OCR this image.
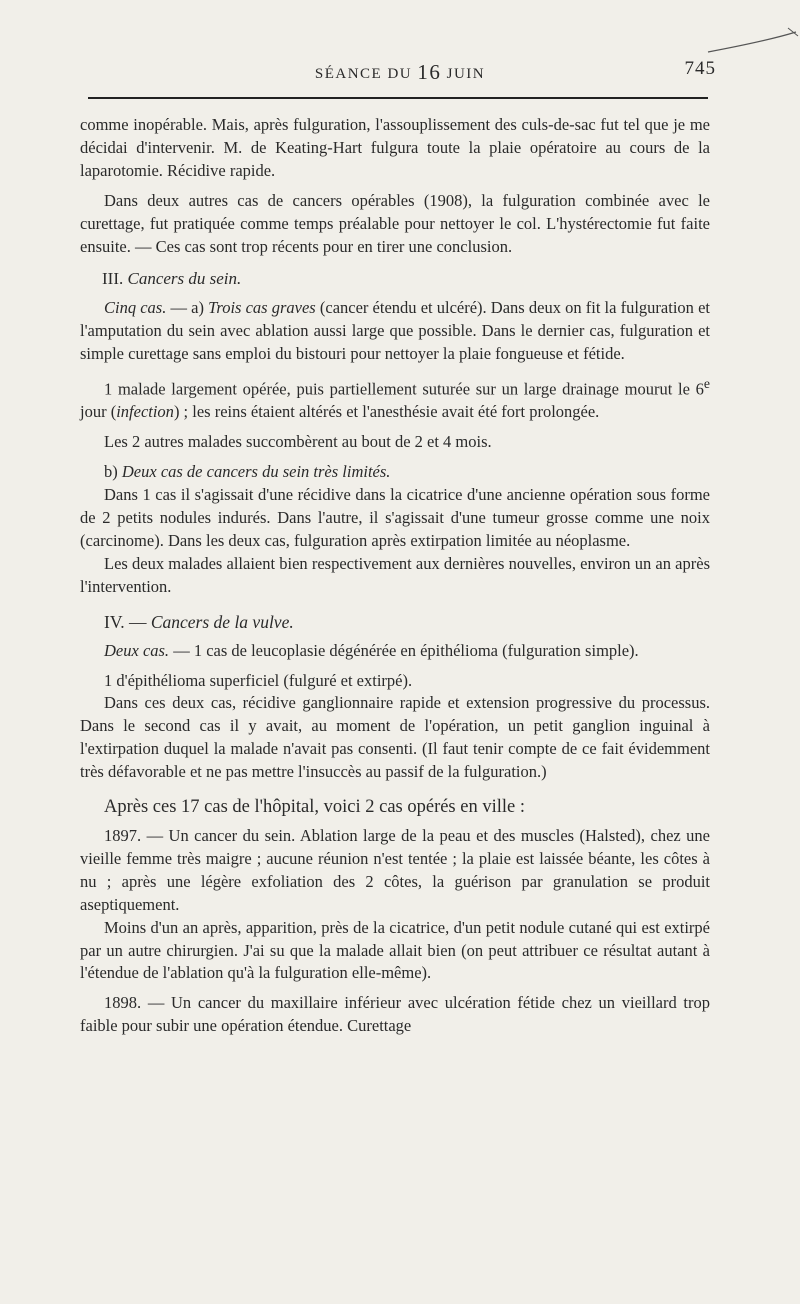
SÉANCE DU 16 JUIN	745

comme inopérable. Mais, après fulguration, l'assouplissement des culs-de-sac fut tel que je me décidai d'intervenir. M. de Keating-Hart fulgura toute la plaie opératoire au cours de la laparotomie. Récidive rapide.

Dans deux autres cas de cancers opérables (1908), la fulguration combinée avec le curettage, fut pratiquée comme temps préalable pour nettoyer le col. L'hystérectomie fut faite ensuite. — Ces cas sont trop récents pour en tirer une conclusion.

III. Cancers du sein.

Cinq cas. — a) Trois cas graves (cancer étendu et ulcéré). Dans deux on fit la fulguration et l'amputation du sein avec ablation aussi large que possible. Dans le dernier cas, fulguration et simple curettage sans emploi du bistouri pour nettoyer la plaie fongueuse et fétide.

1 malade largement opérée, puis partiellement suturée sur un large drainage mourut le 6e jour (infection) ; les reins étaient altérés et l'anesthésie avait été fort prolongée.

Les 2 autres malades succombèrent au bout de 2 et 4 mois.

b) Deux cas de cancers du sein très limités.

Dans 1 cas il s'agissait d'une récidive dans la cicatrice d'une ancienne opération sous forme de 2 petits nodules indurés. Dans l'autre, il s'agissait d'une tumeur grosse comme une noix (carcinome). Dans les deux cas, fulguration après extirpation limitée au néoplasme.

Les deux malades allaient bien respectivement aux dernières nouvelles, environ un an après l'intervention.

IV. — Cancers de la vulve.

Deux cas. — 1 cas de leucoplasie dégénérée en épithélioma (fulguration simple).

1 d'épithélioma superficiel (fulguré et extirpé).

Dans ces deux cas, récidive ganglionnaire rapide et extension progressive du processus. Dans le second cas il y avait, au moment de l'opération, un petit ganglion inguinal à l'extirpation duquel la malade n'avait pas consenti. (Il faut tenir compte de ce fait évidemment très défavorable et ne pas mettre l'insuccès au passif de la fulguration.)

Après ces 17 cas de l'hôpital, voici 2 cas opérés en ville :

1897. — Un cancer du sein. Ablation large de la peau et des muscles (Halsted), chez une vieille femme très maigre ; aucune réunion n'est tentée ; la plaie est laissée béante, les côtes à nu ; après une légère exfoliation des 2 côtes, la guérison par granulation se produit aseptiquement.

Moins d'un an après, apparition, près de la cicatrice, d'un petit nodule cutané qui est extirpé par un autre chirurgien. J'ai su que la malade allait bien (on peut attribuer ce résultat autant à l'étendue de l'ablation qu'à la fulguration elle-même).

1898. — Un cancer du maxillaire inférieur avec ulcération fétide chez un vieillard trop faible pour subir une opération étendue. Curettage
